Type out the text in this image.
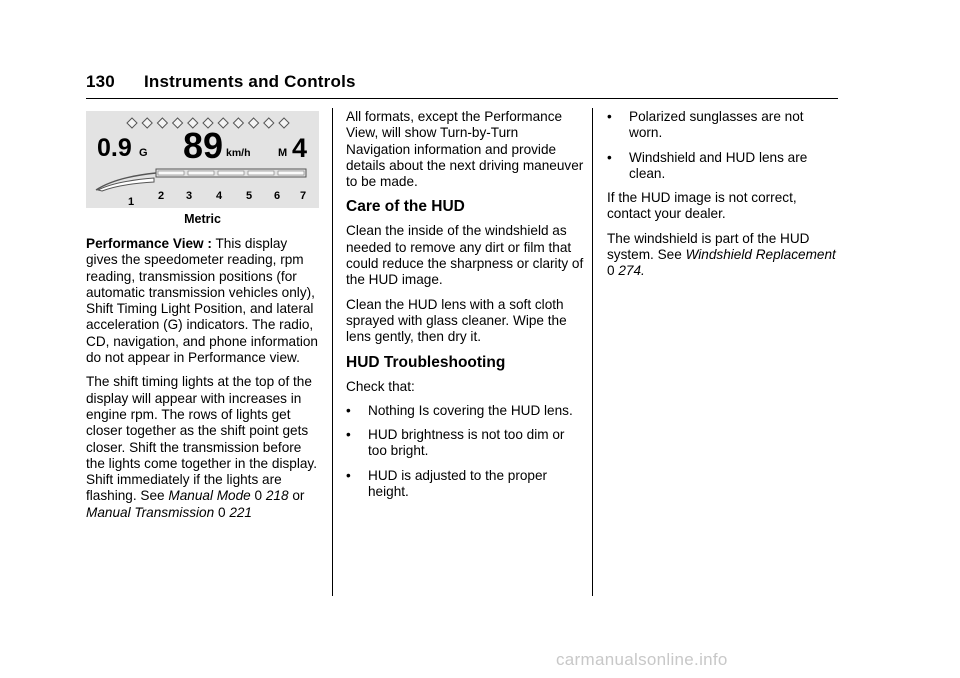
130 Instruments and Controls
0.9 G 89 km/h M 4
1 2 3 4 5 6 7
Metric

Performance View : This display gives the speedometer reading, rpm reading, transmission positions (for automatic transmission vehicles only), Shift Timing Light Position, and lateral acceleration (G) indicators. The radio, CD, navigation, and phone information do not appear in Performance view.

The shift timing lights at the top of the display will appear with increases in engine rpm. The rows of lights get closer together as the shift point gets closer. Shift the transmission before the lights come together in the display. Shift immediately if the lights are flashing. See Manual Mode 0 218 or Manual Transmission 0 221

All formats, except the Performance View, will show Turn-by-Turn Navigation information and provide details about the next driving maneuver to be made.

Care of the HUD

Clean the inside of the windshield as needed to remove any dirt or film that could reduce the sharpness or clarity of the HUD image.

Clean the HUD lens with a soft cloth sprayed with glass cleaner. Wipe the lens gently, then dry it.

HUD Troubleshooting

Check that:

• Nothing Is covering the HUD lens.
• HUD brightness is not too dim or too bright.
• HUD is adjusted to the proper height.
• Polarized sunglasses are not worn.
• Windshield and HUD lens are clean.

If the HUD image is not correct, contact your dealer.

The windshield is part of the HUD system. See Windshield Replacement 0 274.

carmanualsonline.info
